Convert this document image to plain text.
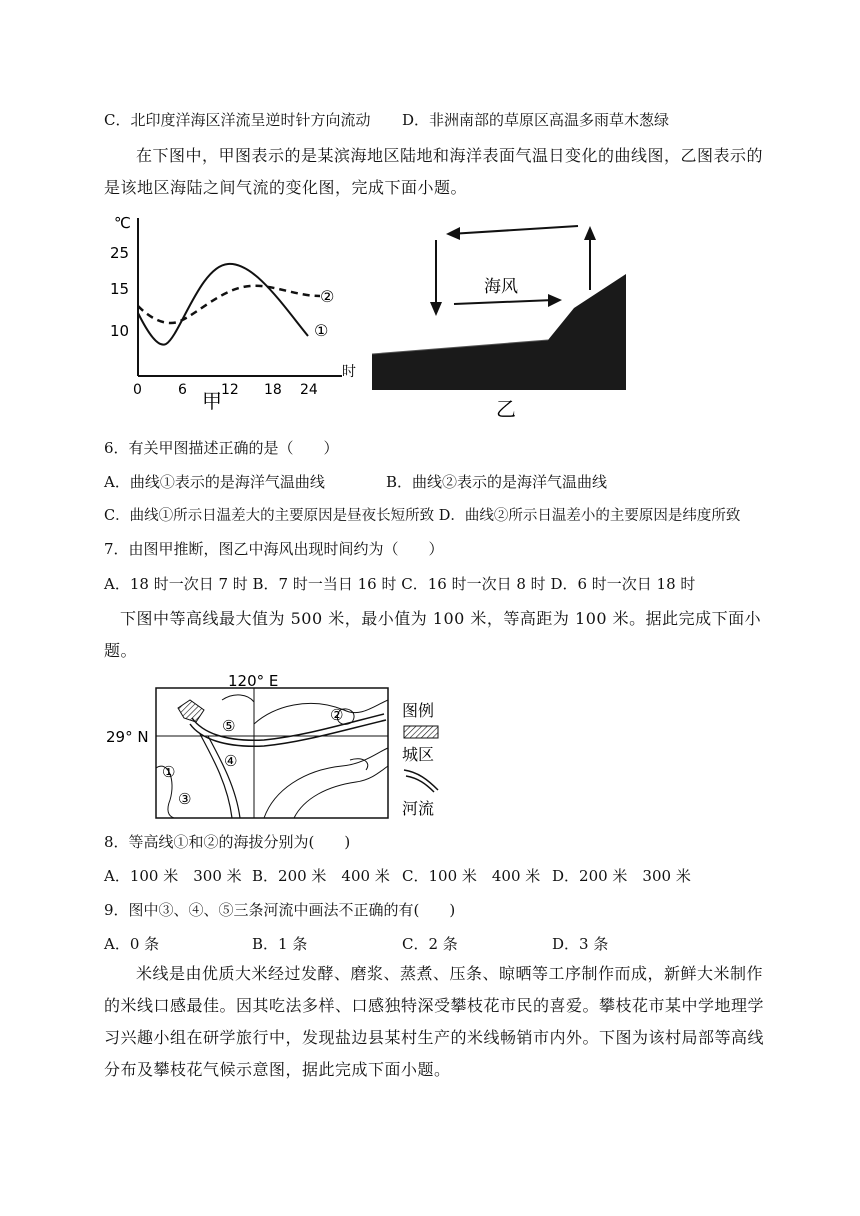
C．北印度洋海区洋流呈逆时针方向流动 D．非洲南部的草原区高温多雨草木葱绿
在下图中，甲图表示的是某滨海地区陆地和海洋表面气温日变化的曲线图，乙图表示的是该地区海陆之间气流的变化图，完成下面小题。
℃
25
15
10
0	6 12 18 24
时
②
①
甲
海风
乙
6．有关甲图描述正确的是（　　）
A．曲线①表示的是海洋气温曲线	B．曲线②表示的是海洋气温曲线
C．曲线①所示日温差大的主要原因是昼夜长短所致 D．曲线②所示日温差小的主要原因是纬度所致
7．由图甲推断，图乙中海风出现时间约为（　　）
A．18 时一次日 7 时 B．7 时一当日 16 时 C．16 时一次日 8 时 D．6 时一次日 18 时
下图中等高线最大值为 500 米，最小值为 100 米，等高距为 100 米。据此完成下面小题。
120° E
29° N
⑤
②
④
①
③
图例
城区
河流
8．等高线①和②的海拔分别为(　　)
A．100 米　300 米 B．200 米　400 米 C．100 米　400 米 D．200 米　300 米
9．图中③、④、⑤三条河流中画法不正确的有(　　)
A．0 条	B．1 条	C．2 条	D．3 条
米线是由优质大米经过发酵、磨浆、蒸煮、压条、晾晒等工序制作而成，新鲜大米制作的米线口感最佳。因其吃法多样、口感独特深受攀枝花市民的喜爱。攀枝花市某中学地理学习兴趣小组在研学旅行中，发现盐边县某村生产的米线畅销市内外。下图为该村局部等高线分布及攀枝花气候示意图，据此完成下面小题。
